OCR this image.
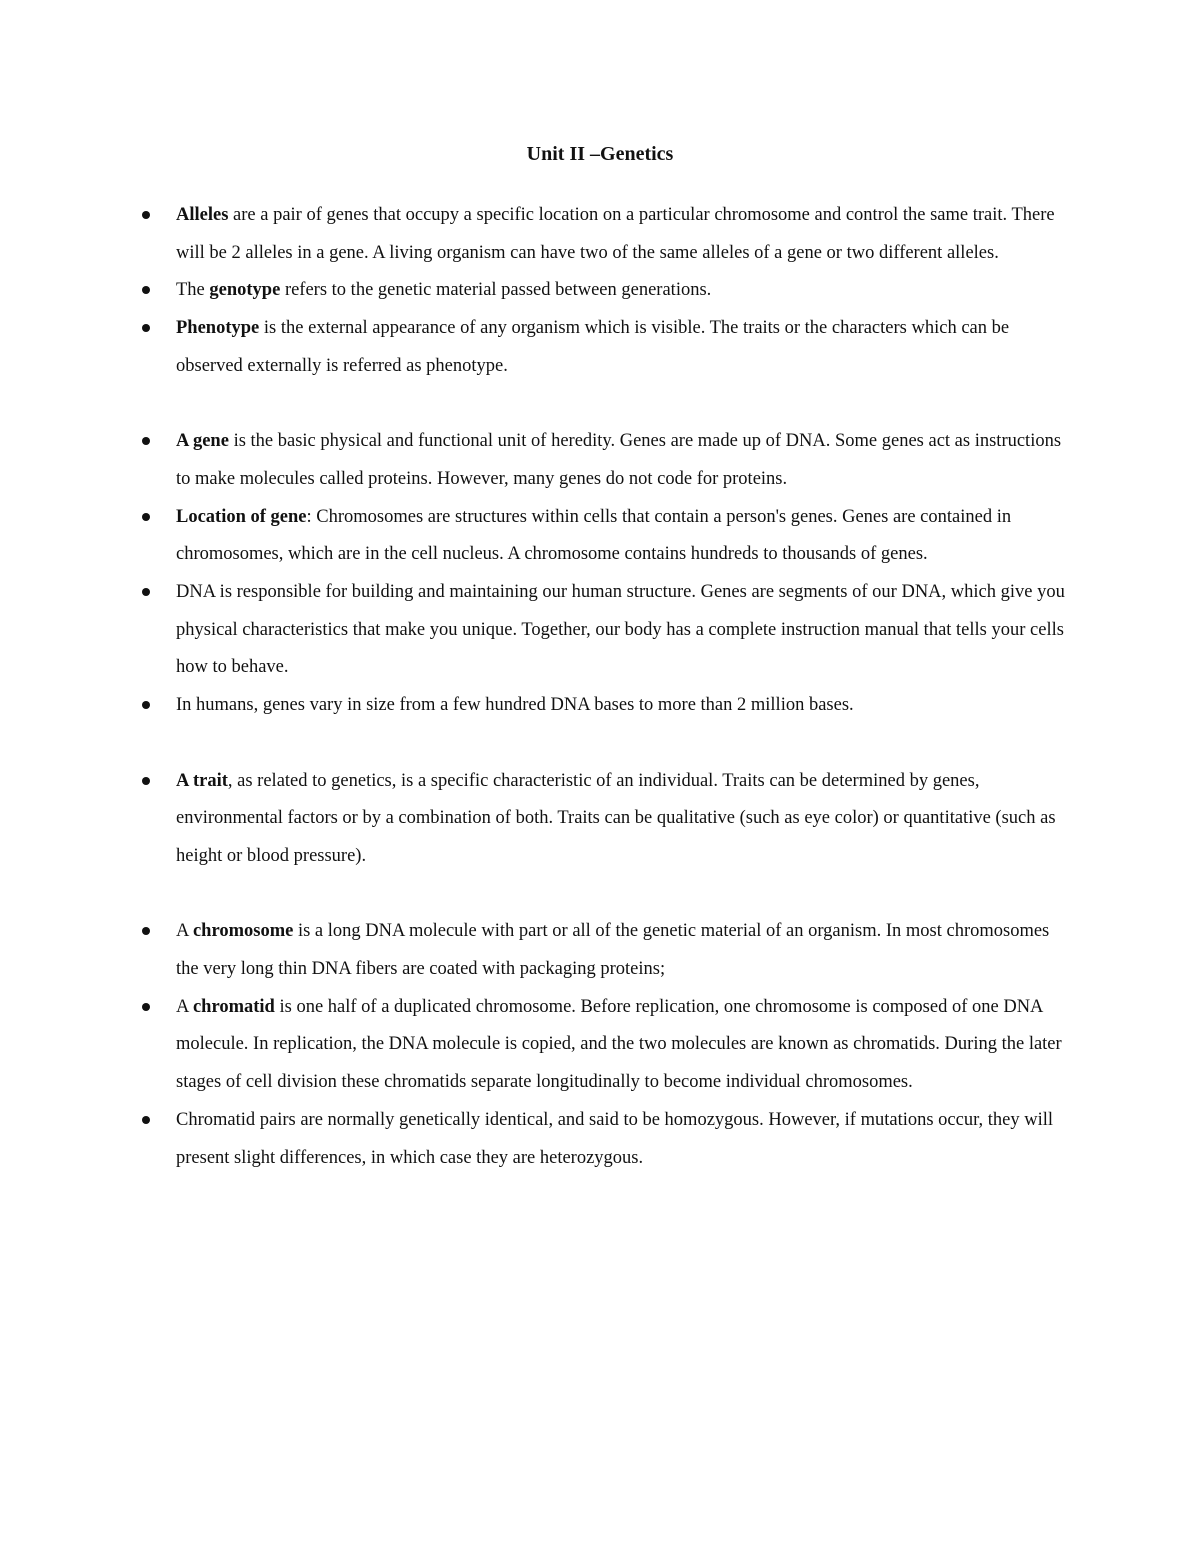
Unit II –Genetics
Alleles are a pair of genes that occupy a specific location on a particular chromosome and control the same trait. There will be 2 alleles in a gene. A living organism can have two of the same alleles of a gene or two different alleles.
The genotype refers to the genetic material passed between generations.
Phenotype is the external appearance of any organism which is visible. The traits or the characters which can be observed externally is referred as phenotype.
A gene is the basic physical and functional unit of heredity. Genes are made up of DNA. Some genes act as instructions to make molecules called proteins. However, many genes do not code for proteins.
Location of gene: Chromosomes are structures within cells that contain a person's genes. Genes are contained in chromosomes, which are in the cell nucleus. A chromosome contains hundreds to thousands of genes.
DNA is responsible for building and maintaining our human structure. Genes are segments of our DNA, which give you physical characteristics that make you unique. Together, our body has a complete instruction manual that tells your cells how to behave.
In humans, genes vary in size from a few hundred DNA bases to more than 2 million bases.
A trait, as related to genetics, is a specific characteristic of an individual. Traits can be determined by genes, environmental factors or by a combination of both. Traits can be qualitative (such as eye color) or quantitative (such as height or blood pressure).
A chromosome is a long DNA molecule with part or all of the genetic material of an organism. In most chromosomes the very long thin DNA fibers are coated with packaging proteins;
A chromatid is one half of a duplicated chromosome. Before replication, one chromosome is composed of one DNA molecule. In replication, the DNA molecule is copied, and the two molecules are known as chromatids. During the later stages of cell division these chromatids separate longitudinally to become individual chromosomes.
Chromatid pairs are normally genetically identical, and said to be homozygous. However, if mutations occur, they will present slight differences, in which case they are heterozygous.
